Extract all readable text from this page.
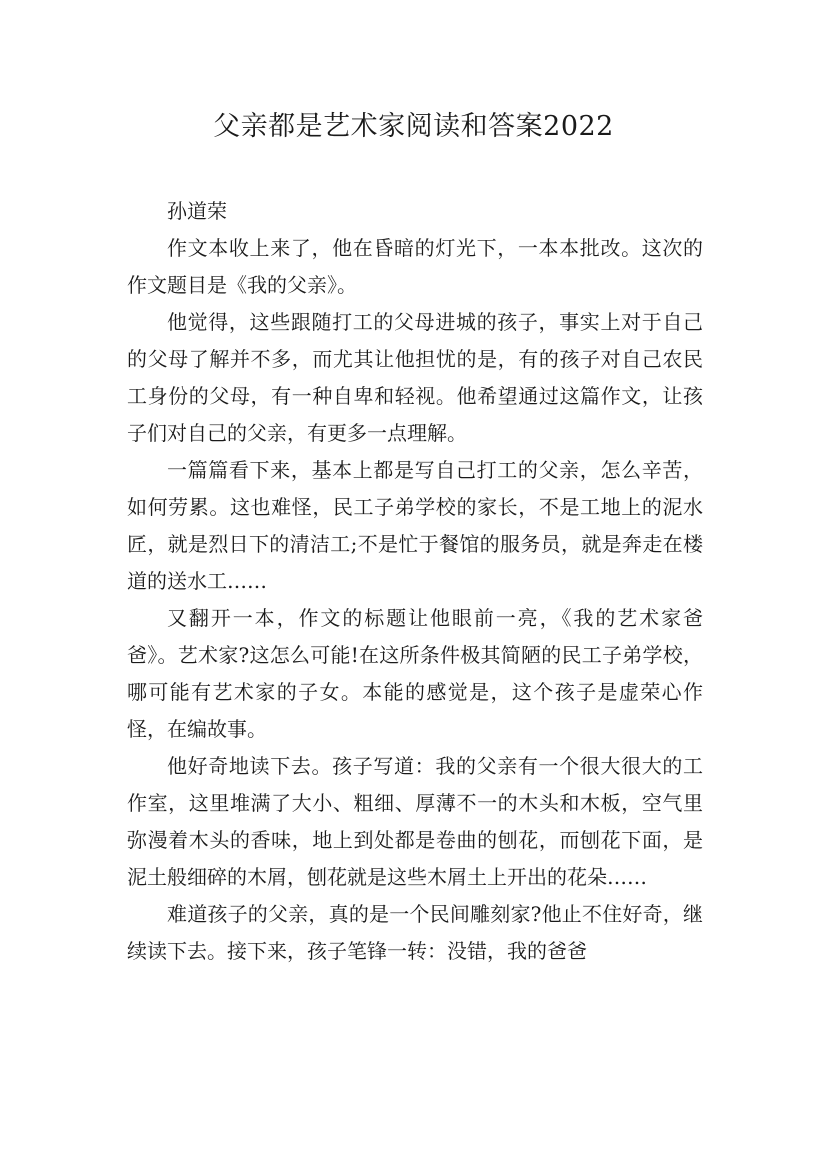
父亲都是艺术家阅读和答案2022

孙道荣

作文本收上来了，他在昏暗的灯光下，一本本批改。这次的作文题目是《我的父亲》。

他觉得，这些跟随打工的父母进城的孩子，事实上对于自己的父母了解并不多，而尤其让他担忧的是，有的孩子对自己农民工身份的父母，有一种自卑和轻视。他希望通过这篇作文，让孩子们对自己的父亲，有更多一点理解。

一篇篇看下来，基本上都是写自己打工的父亲，怎么辛苦，如何劳累。这也难怪，民工子弟学校的家长，不是工地上的泥水匠，就是烈日下的清洁工;不是忙于餐馆的服务员，就是奔走在楼道的送水工……

又翻开一本，作文的标题让他眼前一亮，《我的艺术家爸爸》。艺术家?这怎么可能!在这所条件极其简陋的民工子弟学校，哪可能有艺术家的子女。本能的感觉是，这个孩子是虚荣心作怪，在编故事。

他好奇地读下去。孩子写道：我的父亲有一个很大很大的工作室，这里堆满了大小、粗细、厚薄不一的木头和木板，空气里弥漫着木头的香味，地上到处都是卷曲的刨花，而刨花下面，是泥土般细碎的木屑，刨花就是这些木屑土上开出的花朵……

难道孩子的父亲，真的是一个民间雕刻家?他止不住好奇，继续读下去。接下来，孩子笔锋一转：没错，我的爸爸
